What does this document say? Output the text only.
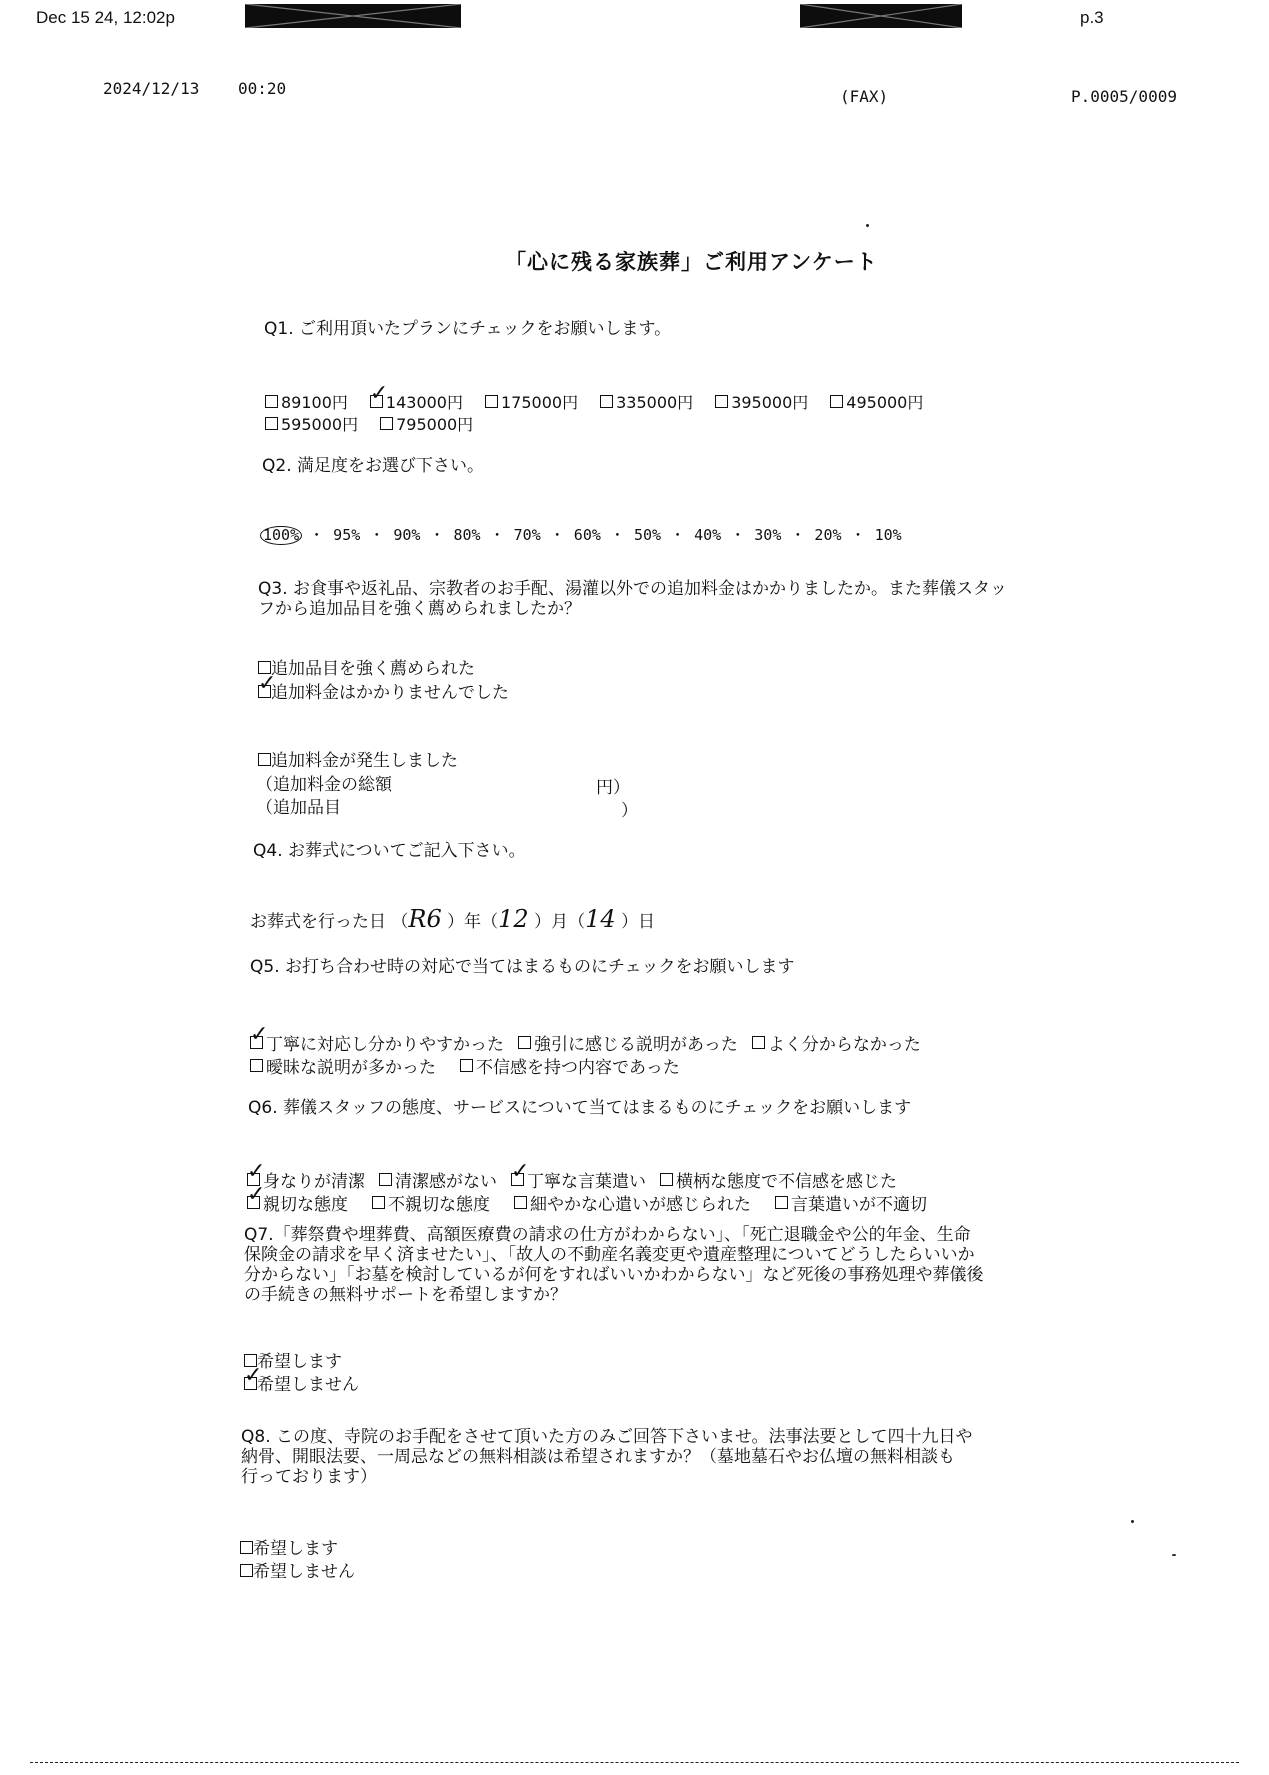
Dec 15 24, 12:02p	p.3
2024/12/13 00:20	(FAX)	P.0005/0009
「心に残る家族葬」ご利用アンケート
Q1. ご利用頂いたプランにチェックをお願いします。
89100円 ✓ 143000円 175000円 335000円 395000円 495000円
595000円 795000円
Q2. 満足度をお選び下さい。
100% ・ 95% ・ 90% ・ 80% ・ 70% ・ 60% ・ 50% ・ 40% ・ 30% ・ 20% ・ 10%
Q3. お食事や返礼品、宗教者のお手配、湯灌以外での追加料金はかかりましたか。また葬儀スタッ
フから追加品目を強く薦められましたか？
追加品目を強く薦められた
✓追加料金はかかりませんでした
追加料金が発生しました
（追加料金の総額	円）
（追加品目	）
Q4. お葬式についてご記入下さい。
お葬式を行った日 （R6 ）年（12 ）月（14 ）日
Q5. お打ち合わせ時の対応で当てはまるものにチェックをお願いします
✓
丁寧に対応し分かりやすかった 強引に感じる説明があった よく分からなかった
曖昧な説明が多かった 不信感を持つ内容であった
Q6. 葬儀スタッフの態度、サービスについて当てはまるものにチェックをお願いします
✓
身なりが清潔 清潔感がない ✓ 丁寧な言葉遣い 横柄な態度で不信感を感じた
✓
親切な態度 不親切な態度 細やかな心遣いが感じられた 言葉遣いが不適切
Q7.「葬祭費や埋葬費、高額医療費の請求の仕方がわからない」、「死亡退職金や公的年金、生命
保険金の請求を早く済ませたい」、「故人の不動産名義変更や遺産整理についてどうしたらいいか
分からない」「お墓を検討しているが何をすればいいかわからない」など死後の事務処理や葬儀後
の手続きの無料サポートを希望しますか？
希望します
✓希望しません
Q8. この度、寺院のお手配をさせて頂いた方のみご回答下さいませ。法事法要として四十九日や
納骨、開眼法要、一周忌などの無料相談は希望されますか？（墓地墓石やお仏壇の無料相談も
行っております）
希望します
希望しません
